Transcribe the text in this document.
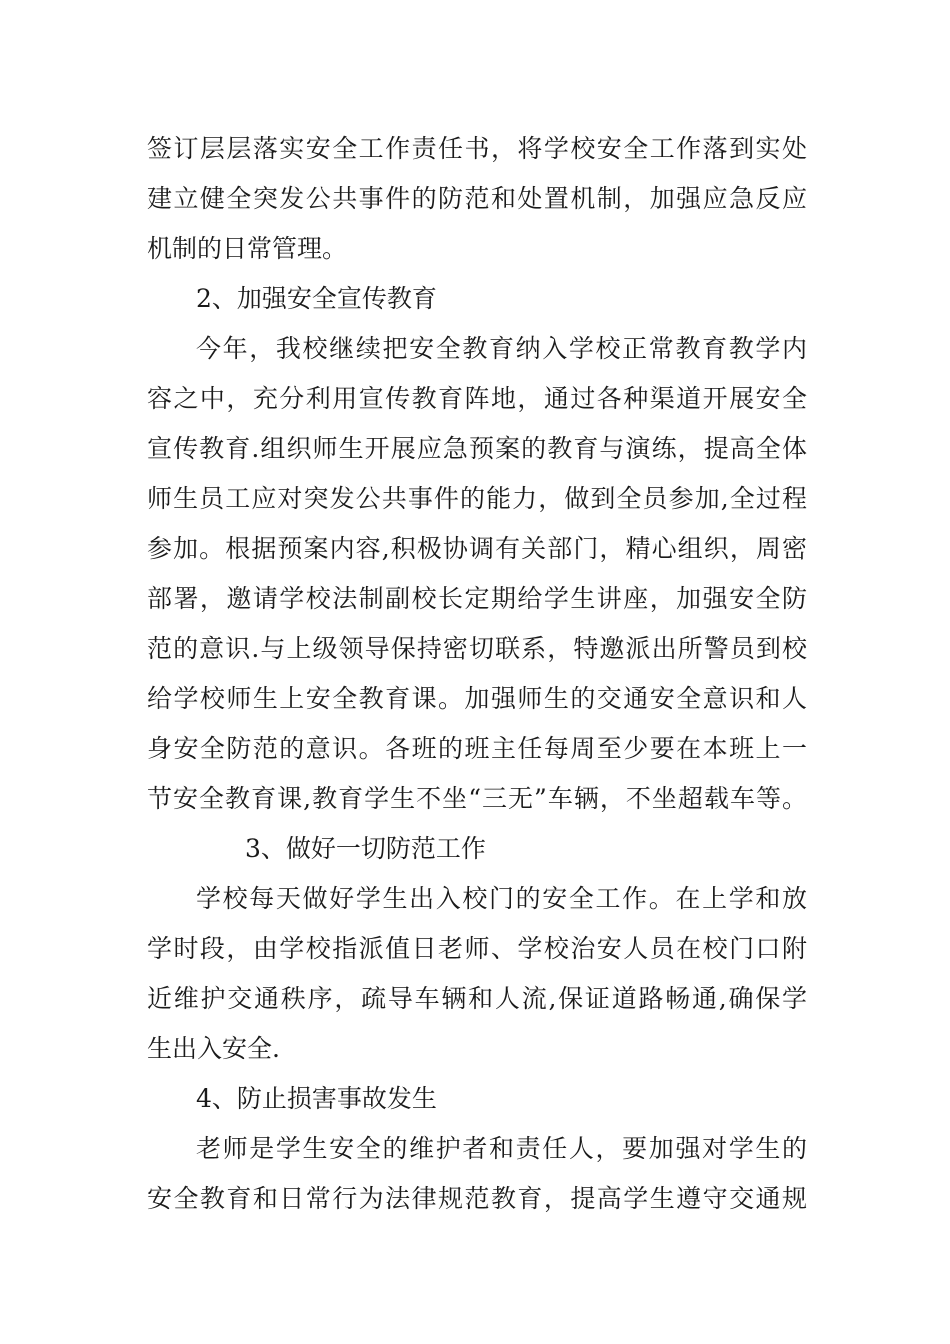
签订层层落实安全工作责任书，将学校安全工作落到实处
建立健全突发公共事件的防范和处置机制，加强应急反应
机制的日常管理。
2、加强安全宣传教育
今年，我校继续把安全教育纳入学校正常教育教学内
容之中，充分利用宣传教育阵地，通过各种渠道开展安全
宣传教育.组织师生开展应急预案的教育与演练，提高全体
师生员工应对突发公共事件的能力，做到全员参加,全过程
参加。根据预案内容,积极协调有关部门，精心组织，周密
部署，邀请学校法制副校长定期给学生讲座，加强安全防
范的意识.与上级领导保持密切联系，特邀派出所警员到校
给学校师生上安全教育课。加强师生的交通安全意识和人
身安全防范的意识。各班的班主任每周至少要在本班上一
节安全教育课,教育学生不坐“三无”车辆，不坐超载车等。
3、做好一切防范工作
学校每天做好学生出入校门的安全工作。在上学和放
学时段，由学校指派值日老师、学校治安人员在校门口附
近维护交通秩序，疏导车辆和人流,保证道路畅通,确保学
生出入安全.
4、防止损害事故发生
老师是学生安全的维护者和责任人，要加强对学生的
安全教育和日常行为法律规范教育，提高学生遵守交通规
